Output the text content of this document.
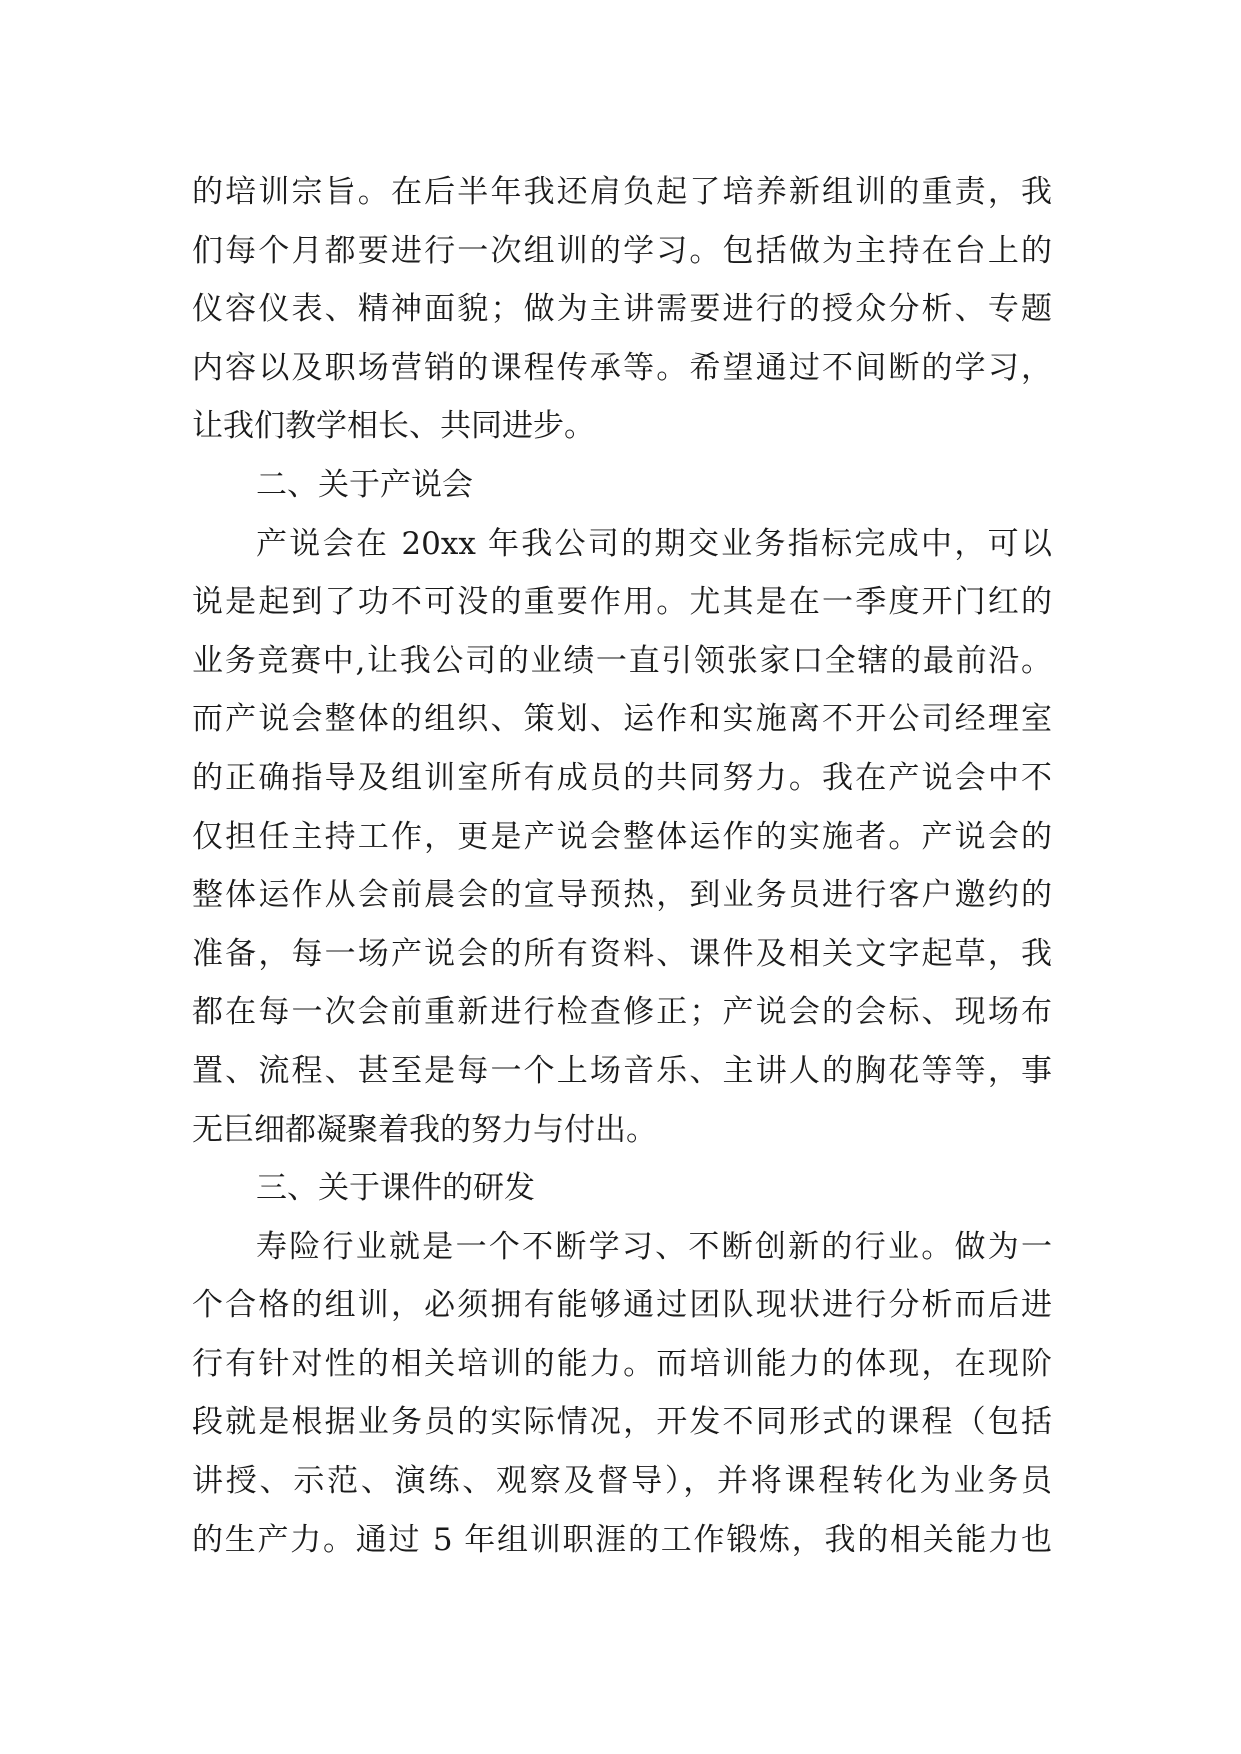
的培训宗旨。在后半年我还肩负起了培养新组训的重责，我
们每个月都要进行一次组训的学习。包括做为主持在台上的
仪容仪表、精神面貌；做为主讲需要进行的授众分析、专题
内容以及职场营销的课程传承等。希望通过不间断的学习，
让我们教学相长、共同进步。
二、关于产说会
产说会在 20xx 年我公司的期交业务指标完成中，可以
说是起到了功不可没的重要作用。尤其是在一季度开门红的
业务竞赛中,让我公司的业绩一直引领张家口全辖的最前沿。
而产说会整体的组织、策划、运作和实施离不开公司经理室
的正确指导及组训室所有成员的共同努力。我在产说会中不
仅担任主持工作，更是产说会整体运作的实施者。产说会的
整体运作从会前晨会的宣导预热，到业务员进行客户邀约的
准备，每一场产说会的所有资料、课件及相关文字起草，我
都在每一次会前重新进行检查修正；产说会的会标、现场布
置、流程、甚至是每一个上场音乐、主讲人的胸花等等，事
无巨细都凝聚着我的努力与付出。
三、关于课件的研发
寿险行业就是一个不断学习、不断创新的行业。做为一
个合格的组训，必须拥有能够通过团队现状进行分析而后进
行有针对性的相关培训的能力。而培训能力的体现，在现阶
段就是根据业务员的实际情况，开发不同形式的课程（包括
讲授、示范、演练、观察及督导），并将课程转化为业务员
的生产力。通过 5 年组训职涯的工作锻炼，我的相关能力也
